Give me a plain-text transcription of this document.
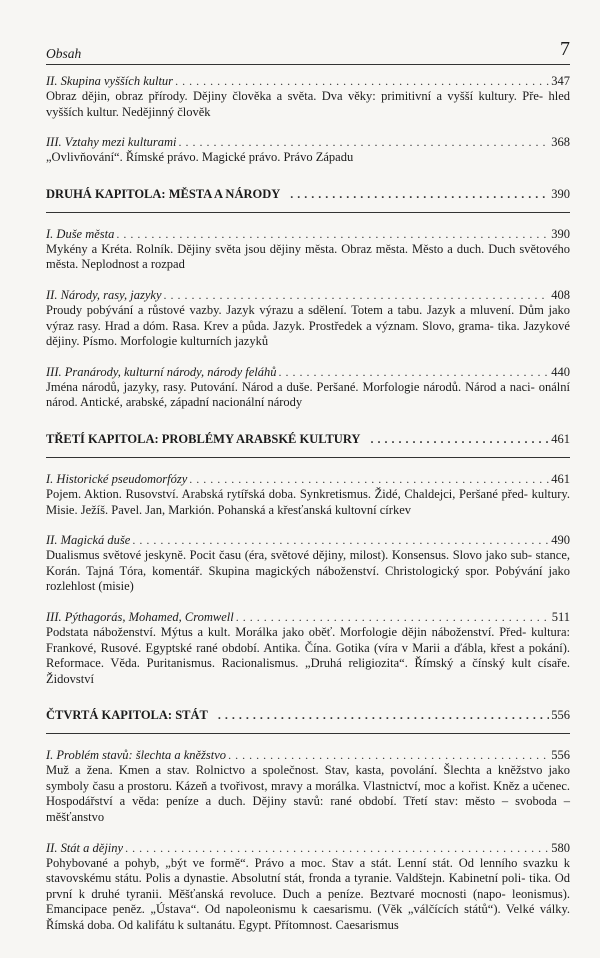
Obsah	7
II. Skupina vyšších kultur . . .	347
Obraz dějin, obraz přírody. Dějiny člověka a světa. Dva věky: primitivní a vyšší kultury. Pře- hled vyšších kultur. Nedějinný člověk
III. Vztahy mezi kulturami . . .	368
„Ovlivňování“. Římské právo. Magické právo. Právo Západu
DRUHÁ KAPITOLA: MĚSTA A NÁRODY . . .	390
I. Duše města . . .	390
Mykény a Kréta. Rolník. Dějiny světa jsou dějiny města. Obraz města. Město a duch. Duch světového města. Neplodnost a rozpad
II. Národy, rasy, jazyky . . .	408
Proudy pobývání a růstové vazby. Jazyk výrazu a sdělení. Totem a tabu. Jazyk a mluvení. Dům jako výraz rasy. Hrad a dóm. Rasa. Krev a půda. Jazyk. Prostředek a význam. Slovo, grama- tika. Jazykové dějiny. Písmo. Morfologie kulturních jazyků
III. Pranárody, kulturní národy, národy feláhů . . .	440
Jména národů, jazyky, rasy. Putování. Národ a duše. Peršané. Morfologie národů. Národ a naci- onální národ. Antické, arabské, západní nacionální národy
TŘETÍ KAPITOLA: PROBLÉMY ARABSKÉ KULTURY . . .	461
I. Historické pseudomorfózy . . .	461
Pojem. Aktion. Rusovství. Arabská rytířská doba. Synkretismus. Židé, Chaldejci, Peršané před- kultury. Misie. Ježíš. Pavel. Jan, Markión. Pohanská a křesťanská kultovní církev
II. Magická duše . . .	490
Dualismus světové jeskyně. Pocit času (éra, světové dějiny, milost). Konsensus. Slovo jako sub- stance, Korán. Tajná Tóra, komentář. Skupina magických náboženství. Christologický spor. Pobývání jako rozlehlost (misie)
III. Pýthagorás, Mohamed, Cromwell . . .	511
Podstata náboženství. Mýtus a kult. Morálka jako oběť. Morfologie dějin náboženství. Před- kultura: Frankové, Rusové. Egyptské rané období. Antika. Čína. Gotika (víra v Marii a ďábla, křest a pokání). Reformace. Věda. Puritanismus. Racionalismus. „Druhá religiozita“. Římský a čínský kult císaře. Židovství
ČTVRTÁ KAPITOLA: STÁT . . .	556
I. Problém stavů: šlechta a kněžstvo . . .	556
Muž a žena. Kmen a stav. Rolnictvo a společnost. Stav, kasta, povolání. Šlechta a kněžstvo jako symboly času a prostoru. Kázeň a tvořivost, mravy a morálka. Vlastnictví, moc a kořist. Kněz a učenec. Hospodářství a věda: peníze a duch. Dějiny stavů: rané období. Třetí stav: město – svoboda – měšťanstvo
II. Stát a dějiny . . .	580
Pohybované a pohyb, „být ve formě“. Právo a moc. Stav a stát. Lenní stát. Od lenního svazku k stavovskému státu. Polis a dynastie. Absolutní stát, fronda a tyranie. Valdštejn. Kabinetní poli- tika. Od první k druhé tyranii. Měšťanská revoluce. Duch a peníze. Beztvaré mocnosti (napo- leonismus). Emancipace peněz. „Ústava“. Od napoleonismu k caesarismu. (Věk „válčících států“). Velké války. Římská doba. Od kalifátu k sultanátu. Egypt. Přítomnost. Caesarismus
